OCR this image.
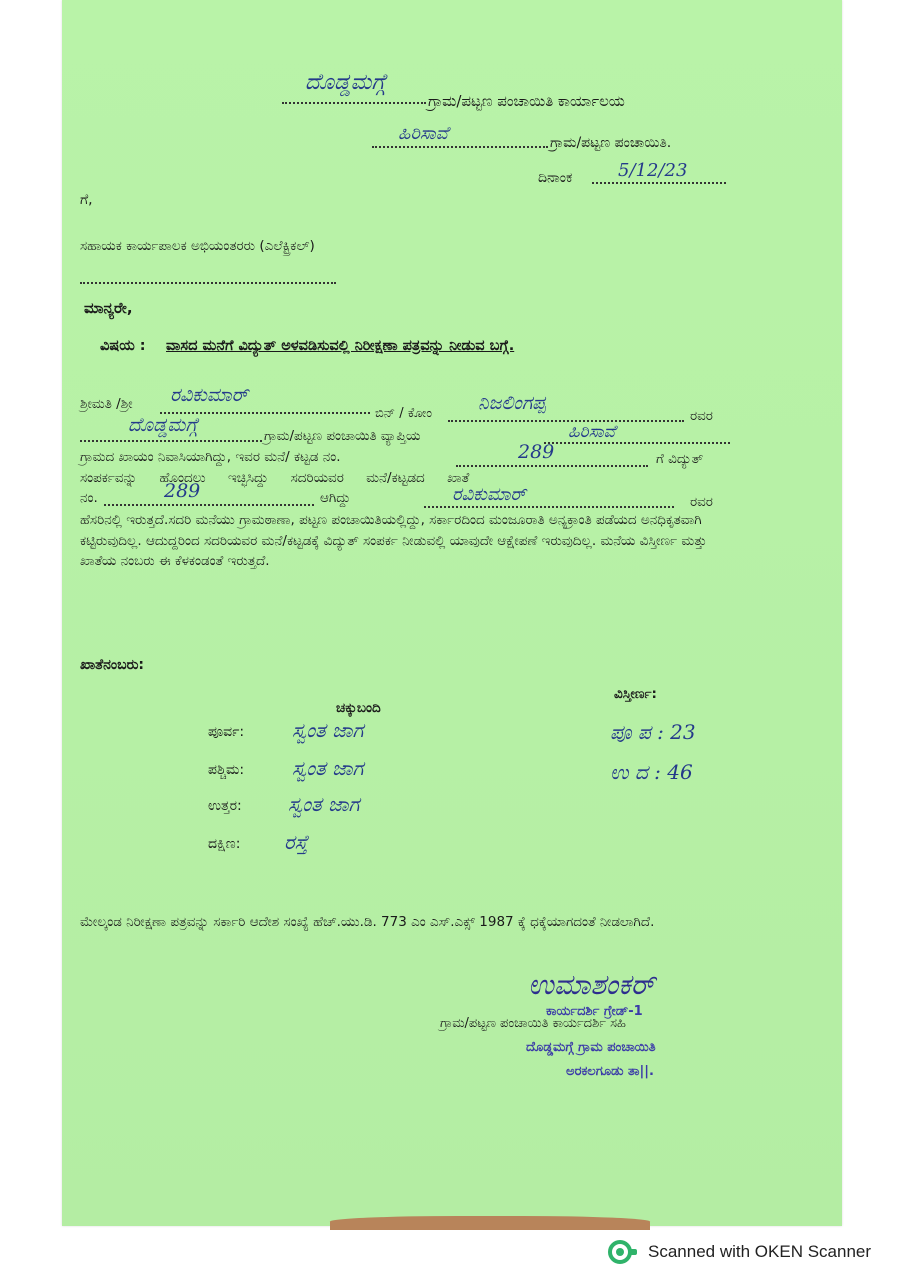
ದೊಡ್ಡಮಗ್ಗೆ
ಗ್ರಾಮ/ಪಟ್ಟಣ ಪಂಚಾಯಿತಿ ಕಾರ್ಯಾಲಯ
ಹಿರಿಸಾವೆ	ಗ್ರಾಮ/ಪಟ್ಟಣ ಪಂಚಾಯಿತಿ.
ದಿನಾಂಕ	5/12/23
ಗೆ,
ಸಹಾಯಕ ಕಾರ್ಯಪಾಲಕ ಅಭಿಯಂತರರು (ಎಲೆಕ್ಟ್ರಿಕಲ್)
ಮಾನ್ಯರೇ,
ವಿಷಯ : ವಾಸದ ಮನೆಗೆ ವಿದ್ಯುತ್ ಅಳವಡಿಸುವಲ್ಲಿ ನಿರೀಕ್ಷಣಾ ಪತ್ರವನ್ನು ನೀಡುವ ಬಗ್ಗೆ.
ಶ್ರೀಮತಿ /ಶ್ರೀ ರವಿಕುಮಾರ್
ಬಿನ್ / ಕೋಂ ನಿಜಲಿಂಗಪ್ಪ
ರವರ
ದೊಡ್ಡಮಗ್ಗೆ	ಗ್ರಾಮ/ಪಟ್ಟಣ ಪಂಚಾಯಿತಿ ವ್ಯಾಪ್ತಿಯ	ಹಿರಿಸಾವೆ
ಗ್ರಾಮದ ಖಾಯಂ ನಿವಾಸಿಯಾಗಿದ್ದು, ಇವರ ಮನೆ/ ಕಟ್ಟಡ ನಂ.	289	ಗೆ ವಿದ್ಯುತ್
ಸಂಪರ್ಕವನ್ನು ಹೊಂದಲು ಇಚ್ಛಿಸಿದ್ದು ಸದರಿಯವರ ಮನೆ/ಕಟ್ಟಡದ ಖಾತೆ
ನಂ.	289	ಆಗಿದ್ದು	ರವಿಕುಮಾರ್	ರವರ
ಹೆಸರಿನಲ್ಲಿ ಇರುತ್ತದೆ.ಸದರಿ ಮನೆಯು ಗ್ರಾಮಠಾಣಾ, ಪಟ್ಟಣ ಪಂಚಾಯಿತಿಯಲ್ಲಿದ್ದು, ಸರ್ಕಾರದಿಂದ ಮಂಜೂರಾತಿ ಅನ್ಯಕ್ರಾಂತಿ ಪಡೆಯದ ಅನಧಿಕೃತವಾಗಿ ಕಟ್ಟಿರುವುದಿಲ್ಲ. ಆದುದ್ದರಿಂದ ಸದರಿಯವರ ಮನೆ/ಕಟ್ಟಡಕ್ಕೆ ವಿದ್ಯುತ್ ಸಂಪರ್ಕ ನೀಡುವಲ್ಲಿ ಯಾವುದೇ ಆಕ್ಷೇಪಣೆ ಇರುವುದಿಲ್ಲ. ಮನೆಯ ವಿಸ್ತೀರ್ಣ ಮತ್ತು ಖಾತೆಯ ನಂಬರು ಈ ಕೆಳಕಂಡಂತೆ ಇರುತ್ತದೆ.
ಖಾತೆನಂಬರು:
ಚಕ್ಕುಬಂದಿ
ವಿಸ್ತೀರ್ಣ:
ಪೂರ್ವ: ಸ್ವಂತ ಜಾಗ	ಪೂ ಪ : 23
ಪಶ್ಚಿಮ: ಸ್ವಂತ ಜಾಗ	ಉ ದ : 46
ಉತ್ತರ: ಸ್ವಂತ ಜಾಗ
ದಕ್ಷಿಣ: ರಸ್ತೆ
ಮೇಲ್ಕಂಡ ನಿರೀಕ್ಷಣಾ ಪತ್ರವನ್ನು ಸರ್ಕಾರಿ ಆದೇಶ ಸಂಖ್ಯೆ ಹೆಚ್.ಯು.ಡಿ. 773 ಎಂ ಎಸ್.ಎಕ್ಸ್ 1987 ಕ್ಕೆ ಧಕ್ಕೆಯಾಗದಂತೆ ನೀಡಲಾಗಿದೆ.
ಉಮಾಶಂಕರ್
ಗ್ರಾಮ/ಪಟ್ಟಣ ಪಂಚಾಯಿತಿ ಕಾರ್ಯದರ್ಶಿ ಸಹಿ
ಕಾರ್ಯದರ್ಶಿ ಗ್ರೇಡ್-1
ದೊಡ್ಡಮಗ್ಗೆ ಗ್ರಾಮ ಪಂಚಾಯಿತಿ
ಅರಕಲಗೂಡು ತಾ||.
Scanned with OKEN Scanner
